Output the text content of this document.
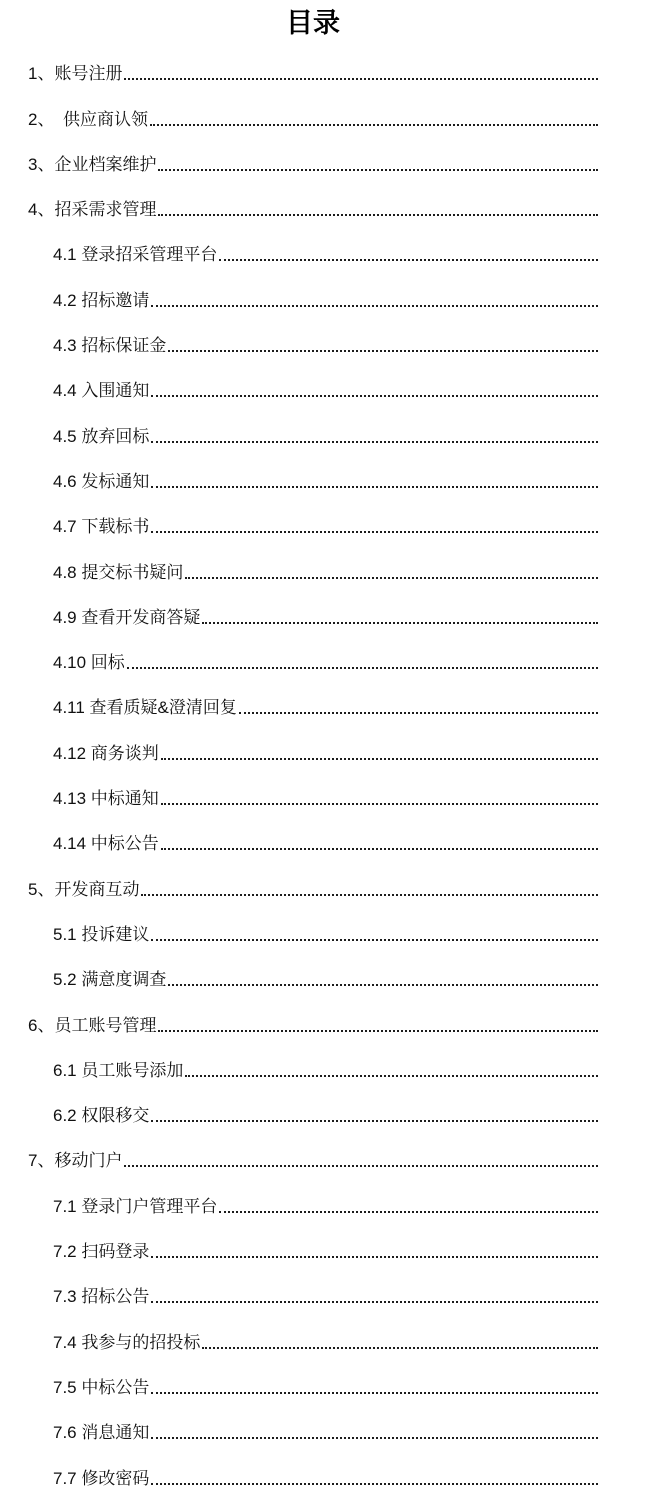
目录
1、账号注册
2、　供应商认领
3、企业档案维护
4、招采需求管理
4.1 登录招采管理平台
4.2 招标邀请
4.3 招标保证金
4.4 入围通知
4.5 放弃回标
4.6 发标通知
4.7 下载标书
4.8 提交标书疑问
4.9 查看开发商答疑
4.10 回标
4.11 查看质疑&澄清回复
4.12 商务谈判
4.13 中标通知
4.14 中标公告
5、开发商互动
5.1 投诉建议
5.2 满意度调查
6、员工账号管理
6.1 员工账号添加
6.2 权限移交
7、移动门户
7.1 登录门户管理平台
7.2 扫码登录
7.3 招标公告
7.4 我参与的招投标
7.5 中标公告
7.6 消息通知
7.7 修改密码
